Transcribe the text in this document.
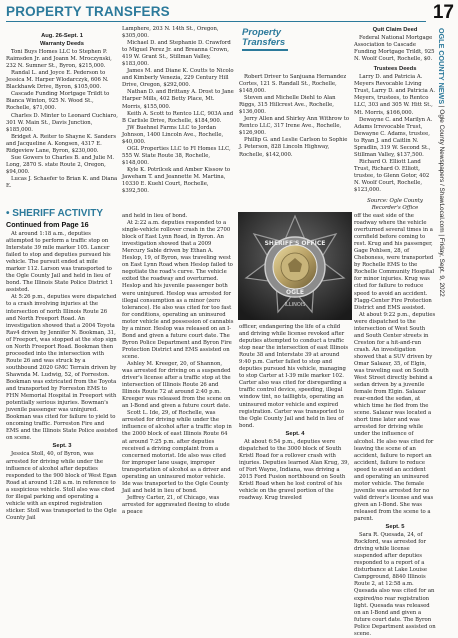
PROPERTY TRANSFERS	17
OGLE COUNTY NEWS | Ogle County Newspapers / ShawLocal.com | Friday, Sept. 9, 2022
Aug. 26-Sept. 1
Warranty Deeds

Toni Buys Homes LLC to Stephen P. Raimsden Jr. and Joann M. Mroczynski, 232 N. Sumner St., Byron, $215,000.

Randal L. and Joyce E. Pederson to Jessica M. Harper Wlodarczyk, 606 N. Blackhawk Drive, Byron, $105,000.

Cascade Funding Mortgage Trildt to Bianca Winton, 925 N. Wood St., Rochelle, $71,000.

Charles D. Minter to Leonard Cuchiaro, 301 W. Main St., Davis Junction, $185,000.

Bridget A. Reiter to Shayne K. Sanders and Jacqueline A. Kongsen, 4317 E. Ridgeview Lane, Byron, $230,000.

Sue Gowers to Charles B. and Julie M. Long, 2870 S. state Route 2, Oregon, $94,000.

Lucas J. Schaefer to Brian K. and Diana E.

Lamphere, 203 N. 14th St., Oregon, $305,000.

Michael D. and Stephanie D. Crawford to Miguel Perez Jr. and Breanna Crown, 419 W. Grant St., Stillman Valley, $183,000.

James M. and Diane K. Coutts to Nicolo and Kimberly Venezia, 229 Century Hill Drive, Oregon, $292,000.

Nathan D. and Brittany A. Drost to Jane Harper Mills, 402 Betty Place, Mt. Morris, $155,000.

Keith A. Scott to Rentco LLC, 903A and B Carlisle Drive, Rochelle, $184,900.

JW Buehnel Farms LLC to Jordan Johnson, 1400 Lincoln Ave., Rochelle, $40,000.

OGL Properties LLC to FI Homes LLC, 555 W. State Route 38, Rochelle, $148,000.

Kyle K. Potrilcek and Amber Kissow to Jaweham T. and Jeannette M. Martina, 10330 E. Kuehl Court, Rochelle, $392,500.

Property Transfers

Robert Driver to Sanjuana Hernandez Cortes, 121 S. Randall St., Rochelle, $148,000.

Steven and Michelle Diehl to Alan Riggs, 315 Hillcrest Ave., Rochelle, $136,000.

Jerry Allen and Shirley Ann Withrow to Rentco LLC, 317 Irene Ave., Rochelle, $126,900.

Phillip G. and Leslie Carlson to Sophie J. Peterson, 828 Lincoln Highway, Rochelle, $142,000.

Quit Claim Deed

Federal National Mortgage Association to Cascade Funding Mortgage Trildt, 925 N. Woolf Court, Rochelle, $0.

Trustees Deeds

Larry D. and Patricia A. Meyers Revocable Living Trust, Larry D. and Patricia A. Meyers, trustees, to Rentco LLC, 303 and 305 W. Hitt St., Mt. Morris, $166,000.

Dewayne C. and Marilyn A. Adams Irrevocable Trust, Dewayne C. Adams, trustee, to Ryan J. and Caitlin N. Spradlin, 319 W. Second St., Stillman Valley, $137,500.

Richard O. Elliott Land Trust, Richard O. Elliott, trustee, to Glenn Gotor, 402 N. Woolf Court, Rochelle, $123,000.

Source: Ogle County Recorder's Office

• SHERIFF ACTIVITY
Continued from Page 16

At around 1:18 a.m., deputies attempted to perform a traffic stop on Interstate 39 mile marker 105. Lancer failed to stop and deputies pursued his vehicle. The pursuit ended at mile marker 112. Larson was transported to the Ogle County Jail and held in lieu of bond. The Illinois State Police District 1 assisted.

At 5:26 p.m., deputies were dispatched to a crash involving injuries at the intersection of north Illinois Route 26 and North Freeport Road. An investigation showed that a 2004 Toyota Rav4 driven by Jennifer N. Bookman, 31, of Freeport, was stopped at the stop sign on North Freeport Road. Bookman then proceeded into the intersection with Route 26 and was struck by a southbound 2020 GMC Terrain driven by Shawnda M. Ludwig, 52, of Forreston. Bookman was extricated from the Toyota and transported by Forreston EMS to FHN Memorial Hospital in Freeport with potentially serious injuries. Bowman's juvenile passenger was uninjured. Bookman was cited for failure to yield to oncoming traffic. Forreston Fire and EMS and the Illinois State Police assisted on scene.

Sept. 3

Jessica Stoll, 40, of Byron, was arrested for driving while under the influence of alcohol after deputies responded to the 900 block of West Egan Road at around 1:28 a.m. in reference to a suspicious vehicle. Stoll also was cited for illegal parking and operating a vehicle with an expired registration sticker. Stoll was transported to the Ogle County Jail

and held in lieu of bond.

At 2:22 a.m. deputies responded to a single-vehicle rollover crash in the 2700 block of East Lynn Road, in Byron. An investigation showed that a 2009 Mercury Sable driven by Ethan A. Heslop, 19, of Byron, was traveling west on East Lynn Road when Heslop failed to negotiate the road's curve. The vehicle exited the roadway and overturned. Heslop and his juvenile passenger both were uninjured. Heslop was arrested for illegal consumption as a minor (zero tolerance). He also was cited for too fast for conditions, operating an uninsured motor vehicle and possession of cannabis by a minor. Heslop was released on an I-Bond and given a future court date. The Byron Police Department and Byron Fire Protection District and EMS assisted on scene.

Ashley M. Kreeger, 20, of Shannon, was arrested for driving on a suspended driver's license after a traffic stop at the intersection of Illinois Route 26 and Illinois Route 72 at around 2:40 p.m. Kreeger was released from the scene on an I-Bond and given a future court date.

Scott L. Ide, 29, of Rochelle, was arrested for driving while under the influence of alcohol after a traffic stop in the 2000 block of east Illinois Route 64 at around 7:25 p.m. after deputies received a driving complaint from a concerned motorist. Ide also was cited for improper lane usage, improper transportation of alcohol as a driver and operating an uninsured motor vehicle. Ide was transported to the Ogle County Jail and held in lieu of bond.

Jeffrey Carter, 21, of Chicago, was arrested for aggravated fleeing to elude a peace

SHERIFF'S OFFICE
OGLE
ILLINOIS

officer, endangering the life of a child and driving while license revoked after deputies attempted to conduct a traffic stop near the intersection of east Illinois Route 38 and Interstate 39 at around 9:40 p.m. Carter failed to stop and deputies pursued his vehicle, managing to stop Carter at I-39 mile marker 102. Carter also was cited for disregarding a traffic control device, speeding, illegal window tint, no taillights, operating an uninsured motor vehicle and expired registration. Carter was transported to the Ogle County Jail and held in lieu of bond.

Sept. 4

At about 6:54 p.m., deputies were dispatched to the 3000 block of South Kristl Road for a rollover crash with injuries. Deputies learned Alan Krug, 39, of Fort Wayne, Indiana, was driving a 2015 Ford Fusion northbound on South Kristl Road when he lost control of his vehicle on the gravel portion of the roadway. Krug traveled

off the east side of the roadway where the vehicle overturned several times in a cornfield before coming to rest. Krug and his passenger, Gage Pohlsen, 28, of Cheboness, were transported by Rochelle EMS to the Rochelle Community Hospital for minor injuries. Krug was cited for failure to reduce speed to avoid an accident. Flagg-Center Fire Protection District and EMS assisted.

At about 9:22 p.m., deputies were dispatched to the intersection of West South and South Center streets in Creston for a hit-and-run crash. An investigation showed that a SUV driven by Omar Salazar, 35, of Elgin, was traveling east on South West Street directly behind a sedan driven by a juvenile female from Elgin. Salazar rear-ended the sedan, at which time he fled from the scene. Salazar was located a short time later and was arrested for driving while under the influence of alcohol. He also was cited for leaving the scene of an accident, failure to report an accident, failure to reduce speed to avoid an accident and operating an uninsured motor vehicle. The female juvenile was arrested for no valid driver's license and was given an I-Bond. She was released from the scene to a parent.

Sept. 5

Sara R. Quesada, 24, of Rockford, was arrested for driving while license suspended after deputies responded to a report of a disturbance at Lake Louise Campground, 8840 Illinois Route 2, at 12:58 a.m. Quesada also was cited for an expired/no rear registration light. Quesada was released on an I-Bond and given a future court date. The Byron Police Department assisted on scene.
